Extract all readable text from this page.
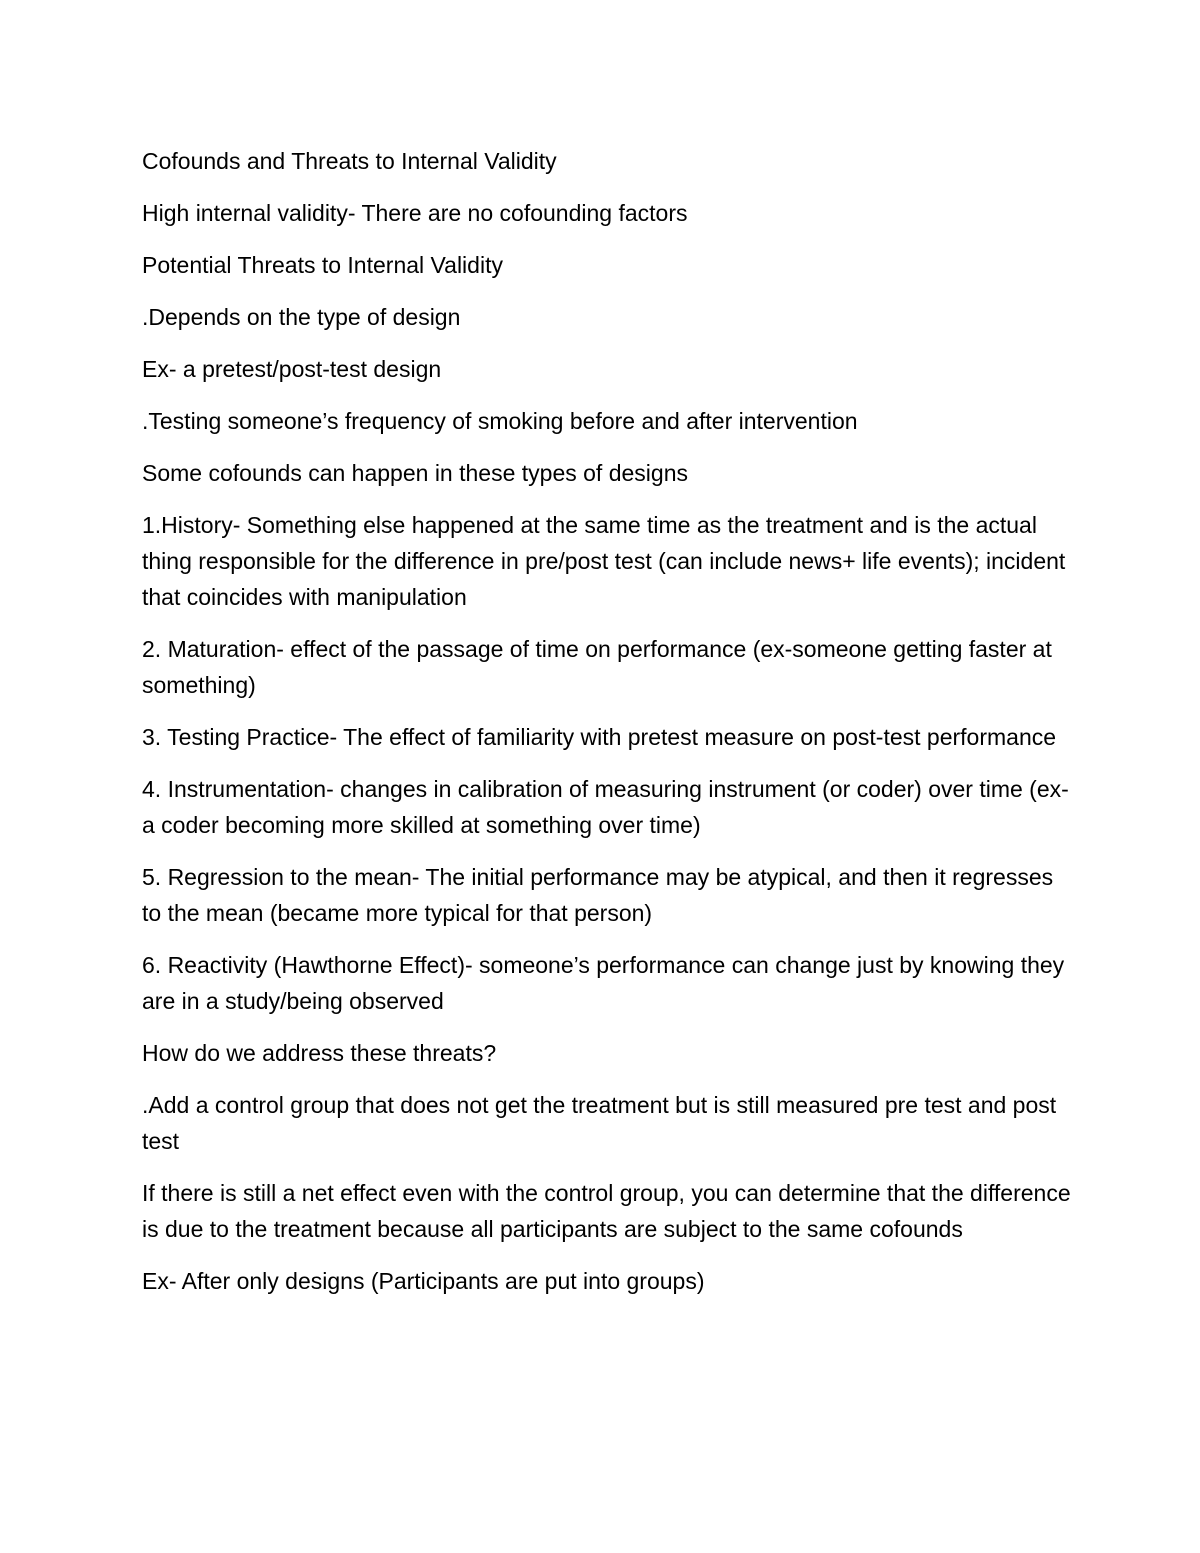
Cofounds and Threats to Internal Validity

High internal validity- There are no cofounding factors

Potential Threats to Internal Validity

.Depends on the type of design

Ex- a pretest/post-test design

.Testing someone’s frequency of smoking before and after intervention

Some cofounds can happen in these types of designs

1.History- Something else happened at the same time as the treatment and is the actual thing responsible for the difference in pre/post test (can include news+ life events); incident that coincides with manipulation

2. Maturation- effect of the passage of time on performance (ex-someone getting faster at something)

3. Testing Practice- The effect of familiarity with pretest measure on post-test performance

4. Instrumentation- changes in calibration of measuring instrument (or coder) over time (ex- a coder becoming more skilled at something over time)

5. Regression to the mean- The initial performance may be atypical, and then it regresses to the mean (became more typical for that person)

6. Reactivity (Hawthorne Effect)- someone’s performance can change just by knowing they are in a study/being observed

How do we address these threats?

.Add a control group that does not get the treatment but is still measured pre test and post test

If there is still a net effect even with the control group, you can determine that the difference is due to the treatment because all participants are subject to the same cofounds

Ex- After only designs (Participants are put into groups)
